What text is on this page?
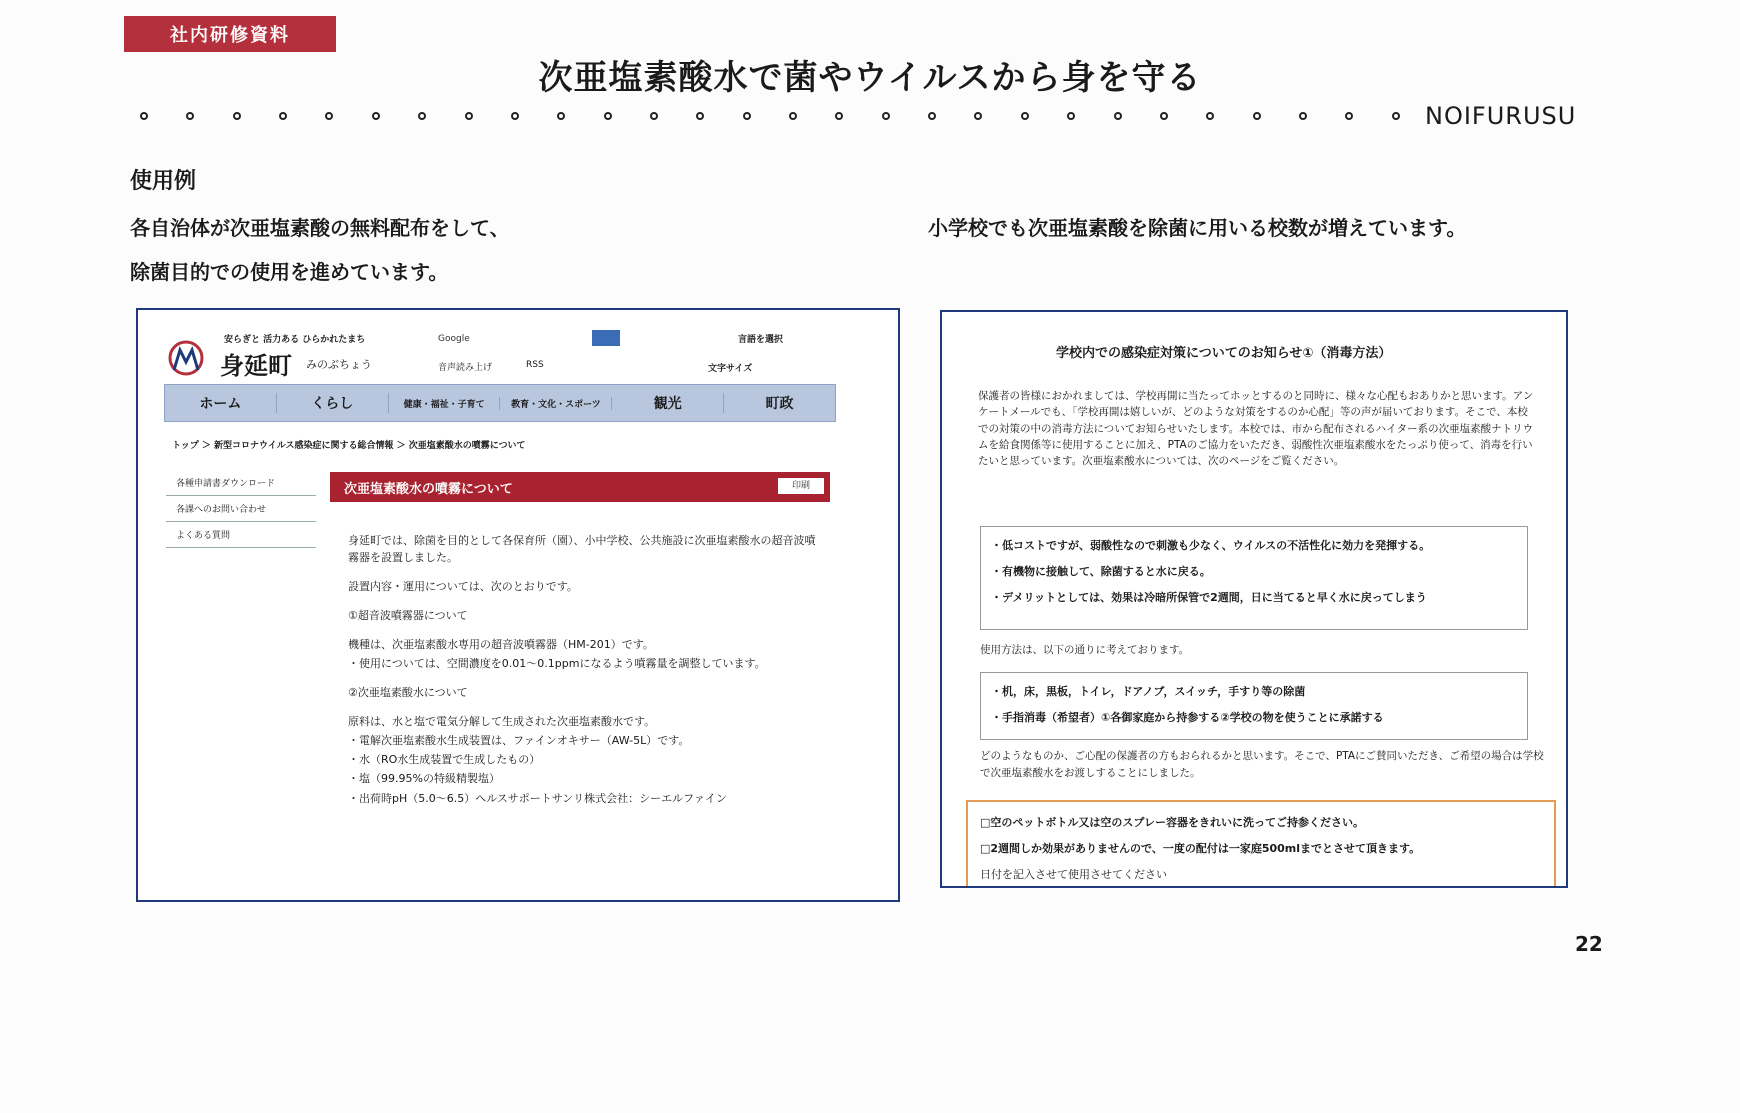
社内研修資料
次亜塩素酸水で菌やウイルスから身を守る
NOIFURUSU
使用例
各自治体が次亜塩素酸の無料配布をして、
除菌目的での使用を進めています。
小学校でも次亜塩素酸を除菌に用いる校数が増えています。
安らぎと 活力ある ひらかれたまち
身延町 みのぶちょう
Google	言語を選択
音声読み上げ	RSS	文字サイズ
ホーム	くらし	健康・福祉・子育て	教育・文化・スポーツ	観光	町政
トップ ＞ 新型コロナウイルス感染症に関する総合情報 ＞ 次亜塩素酸水の噴霧について
各種申請書ダウンロード
各課へのお問い合わせ
よくある質問
次亜塩素酸水の噴霧について	印刷

身延町では、除菌を目的として各保育所（園）、小中学校、公共施設に次亜塩素酸水の超音波噴霧器を設置しました。

設置内容・運用については、次のとおりです。

①超音波噴霧器について

機種は、次亜塩素酸水専用の超音波噴霧器（HM-201）です。

・使用については、空間濃度を0.01～0.1ppmになるよう噴霧量を調整しています。

②次亜塩素酸水について

原料は、水と塩で電気分解して生成された次亜塩素酸水です。

・電解次亜塩素酸水生成装置は、ファインオキサー（AW-5L）です。

・水（RO水生成装置で生成したもの）

・塩（99.95%の特級精製塩）

・出荷時pH（5.0～6.5）ヘルスサポートサンリ株式会社：シーエルファイン

学校内での感染症対策についてのお知らせ①（消毒方法）
保護者の皆様におかれましては、学校再開に当たってホッとするのと同時に、様々な心配もおありかと思います。アンケートメールでも、「学校再開は嬉しいが、どのような対策をするのか心配」等の声が届いております。そこで、本校での対策の中の消毒方法についてお知らせいたします。本校では、市から配布されるハイター系の次亜塩素酸ナトリウムを給食関係等に使用することに加え、PTAのご協力をいただき、弱酸性次亜塩素酸水をたっぷり使って、消毒を行いたいと思っています。次亜塩素酸水については、次のページをご覧ください。
・低コストですが、弱酸性なので刺激も少なく、ウイルスの不活性化に効力を発揮する。
・有機物に接触して、除菌すると水に戻る。
・デメリットとしては、効果は冷暗所保管で2週間，日に当てると早く水に戻ってしまう
使用方法は、以下の通りに考えております。
・机，床，黒板，トイレ，ドアノブ，スイッチ，手すり等の除菌
・手指消毒（希望者）①各御家庭から持参する②学校の物を使うことに承諾する
どのようなものか、ご心配の保護者の方もおられるかと思います。そこで、PTAにご賛同いただき、ご希望の場合は学校で次亜塩素酸水をお渡しすることにしました。
□空のペットボトル又は空のスプレー容器をきれいに洗ってご持参ください。
□2週間しか効果がありませんので、一度の配付は一家庭500mlまでとさせて頂きます。
日付を記入させて使用させてください
22
